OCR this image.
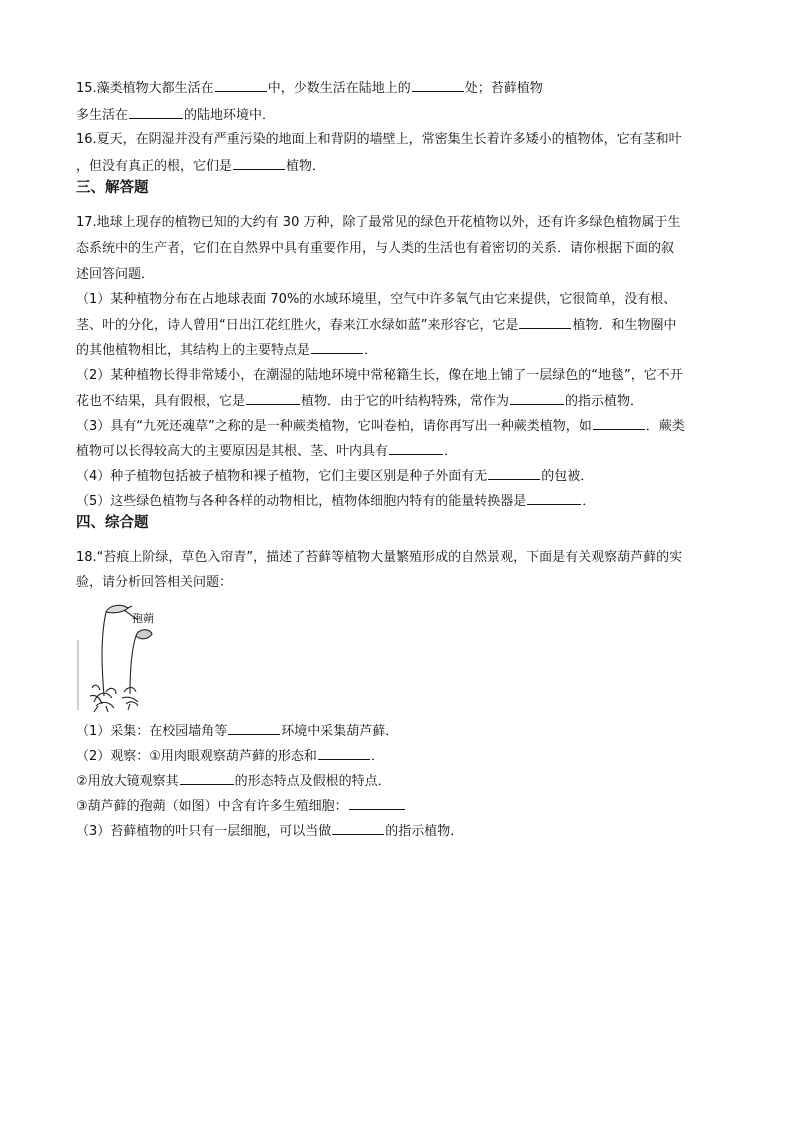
15.藻类植物大都生活在	中，少数生活在陆地上的	处；苔藓植物
多生活在	的陆地环境中．
16.夏天，在阴湿并没有严重污染的地面上和背阴的墙壁上，常密集生长着许多矮小的植物体，它有茎和叶
，但没有真正的根，它们是	植物．
三、解答题
17.地球上现存的植物已知的大约有 30 万种，除了最常见的绿色开花植物以外，还有许多绿色植物属于生
态系统中的生产者，它们在自然界中具有重要作用，与人类的生活也有着密切的关系．请你根据下面的叙
述回答问题．
（1）某种植物分布在占地球表面 70%的水域环境里，空气中许多氧气由它来提供，它很简单，没有根、
茎、叶的分化，诗人曾用“日出江花红胜火，春来江水绿如蓝”来形容它，它是	植物．和生物圈中
的其他植物相比，其结构上的主要特点是	．
（2）某种植物长得非常矮小，在潮湿的陆地环境中常秘籍生长，像在地上铺了一层绿色的“地毯”，它不开
花也不结果，具有假根，它是	植物．由于它的叶结构特殊，常作为	的指示植物．
（3）具有“九死还魂草”之称的是一种蕨类植物，它叫卷柏，请你再写出一种蕨类植物，如	．蕨类
植物可以长得较高大的主要原因是其根、茎、叶内具有	．
（4）种子植物包括被子植物和裸子植物，它们主要区别是种子外面有无	的包被．
（5）这些绿色植物与各种各样的动物相比，植物体细胞内特有的能量转换器是	．
四、综合题
18.“苔痕上阶绿，草色入帘青”，描述了苔藓等植物大量繁殖形成的自然景观，下面是有关观察葫芦藓的实
验，请分析回答相关问题：
孢蒴
（1）采集：在校园墙角等	环境中采集葫芦藓．
（2）观察：①用肉眼观察葫芦藓的形态和	．
②用放大镜观察其	的形态特点及假根的特点．
③葫芦藓的孢蒴（如图）中含有许多生殖细胞：
（3）苔藓植物的叶只有一层细胞，可以当做	的指示植物．
